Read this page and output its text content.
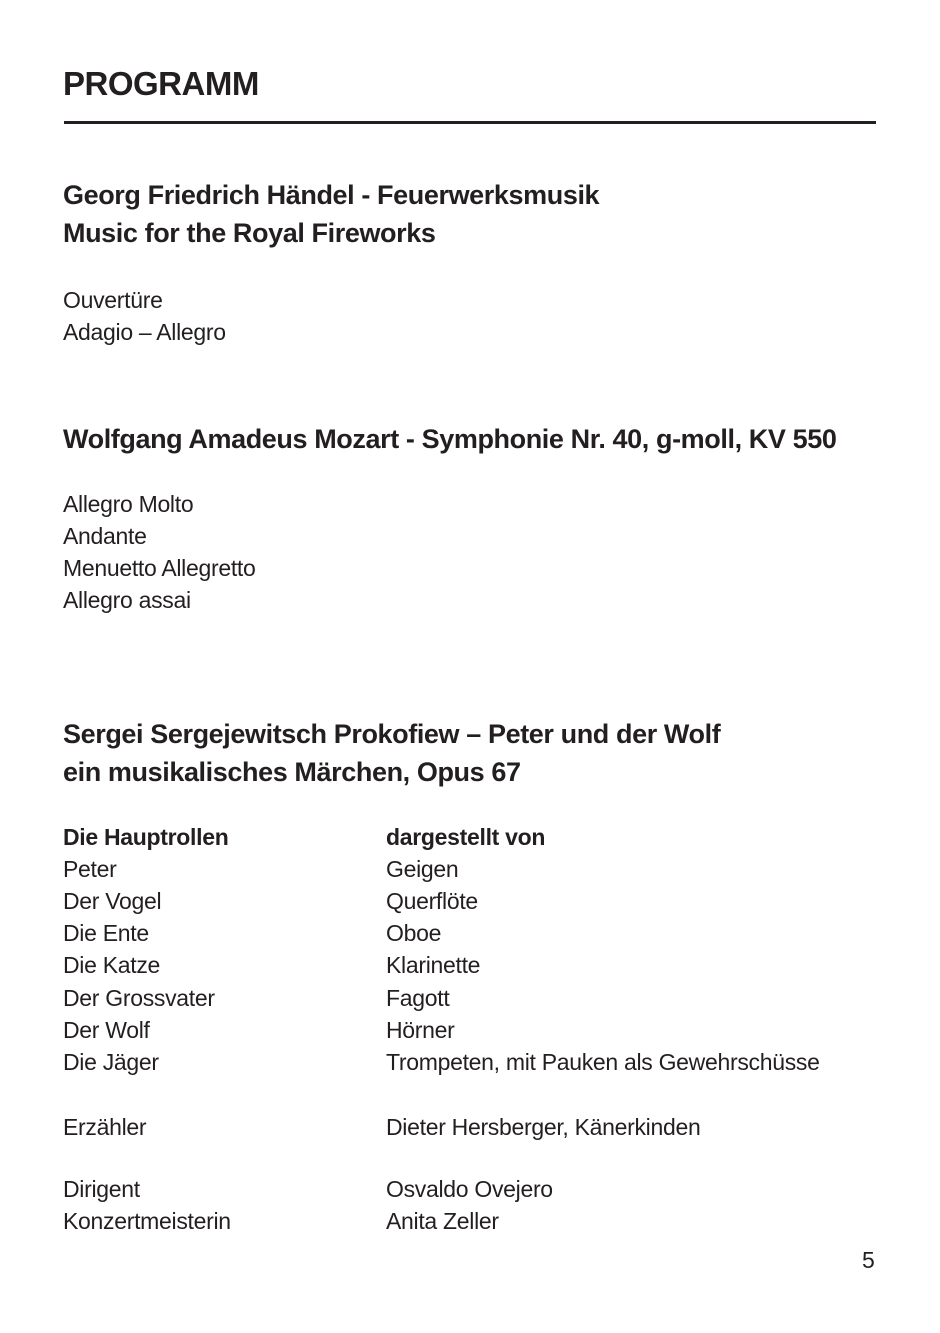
PROGRAMM
Georg Friedrich Händel - Feuerwerksmusik
Music for the Royal Fireworks
Ouvertüre
Adagio – Allegro
Wolfgang Amadeus Mozart - Symphonie Nr. 40, g-moll, KV 550
Allegro Molto
Andante
Menuetto Allegretto
Allegro assai
Sergei Sergejewitsch Prokofiew – Peter und der Wolf
ein musikalisches Märchen, Opus 67
Die Hauptrollen	dargestellt von
Peter	Geigen
Der Vogel	Querflöte
Die Ente	Oboe
Die Katze	Klarinette
Der Grossvater	Fagott
Der Wolf	Hörner
Die Jäger	Trompeten, mit Pauken als Gewehrschüsse
Erzähler	Dieter Hersberger, Känerkinden
Dirigent	Osvaldo Ovejero
Konzertmeisterin	Anita Zeller
5
